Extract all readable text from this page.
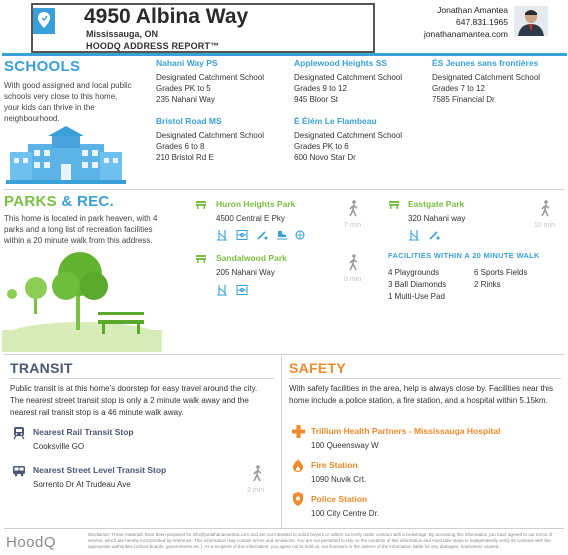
4950 Albina Way
Mississauga, ON
HOODQ ADDRESS REPORT™
Jonathan Amantea
647.831.1965
jonathanamantea.com
SCHOOLS
With good assigned and local public schools very close to this home, your kids can thrive in the neighbourhood.
Nahani Way PS
Designated Catchment School
Grades PK to 5
235 Nahani Way
Applewood Heights SS
Designated Catchment School
Grades 9 to 12
945 Bloor St
ÉS Jeunes sans frontières
Designated Catchment School
Grades 7 to 12
7585 Financial Dr
Bristol Road MS
Designated Catchment School
Grades 6 to 8
210 Bristol Rd E
É Élém Le Flambeau
Designated Catchment School
Grades PK to 6
600 Novo Star Dr
PARKS & REC.
This home is located in park heaven, with 4 parks and a long list of recreation facilities within a 20 minute walk from this address.
Huron Heights Park
4500 Central E Pky
7 min
Eastgate Park
320 Nahani way
10 min
Sandalwood Park
205 Nahani Way
8 min
FACILITIES WITHIN A 20 MINUTE WALK
4 Playgrounds	6 Sports Fields
3 Ball Diamonds	2 Rinks
1 Multi-Use Pad
TRANSIT
Public transit is at this home's doorstep for easy travel around the city. The nearest street transit stop is only a 2 minute walk away and the nearest rail transit stop is a 46 minute walk away.
Nearest Rail Transit Stop
Cooksville GO
Nearest Street Level Transit Stop
Sorrento Dr At Trudeau Ave
2 min
SAFETY
With safety facilities in the area, help is always close by. Facilities near this home include a police station, a fire station, and a hospital within 5.15km.
Trillium Health Partners - Mississauga Hospital
100 Queensway W
Fire Station
1090 Nuvik Crt.
Police Station
100 City Centre Dr.
HoodQ	Disclaimer: These materials have been prepared for info@jonathanamantea.com and are not intended to solicit buyers or sellers currently under contract with a brokerage. By accessing this information you have agreed to our terms of service, which are hereby incorporated by reference. This information may contain errors and omissions. You are not permitted to rely on the contents of this information and must take steps to independently verify its contents with the appropriate authorities (school boards, governments etc.). As a recipient of this information, you agree not to hold us, our licensors or the owners of the information liable for any damages, howsoever caused.
